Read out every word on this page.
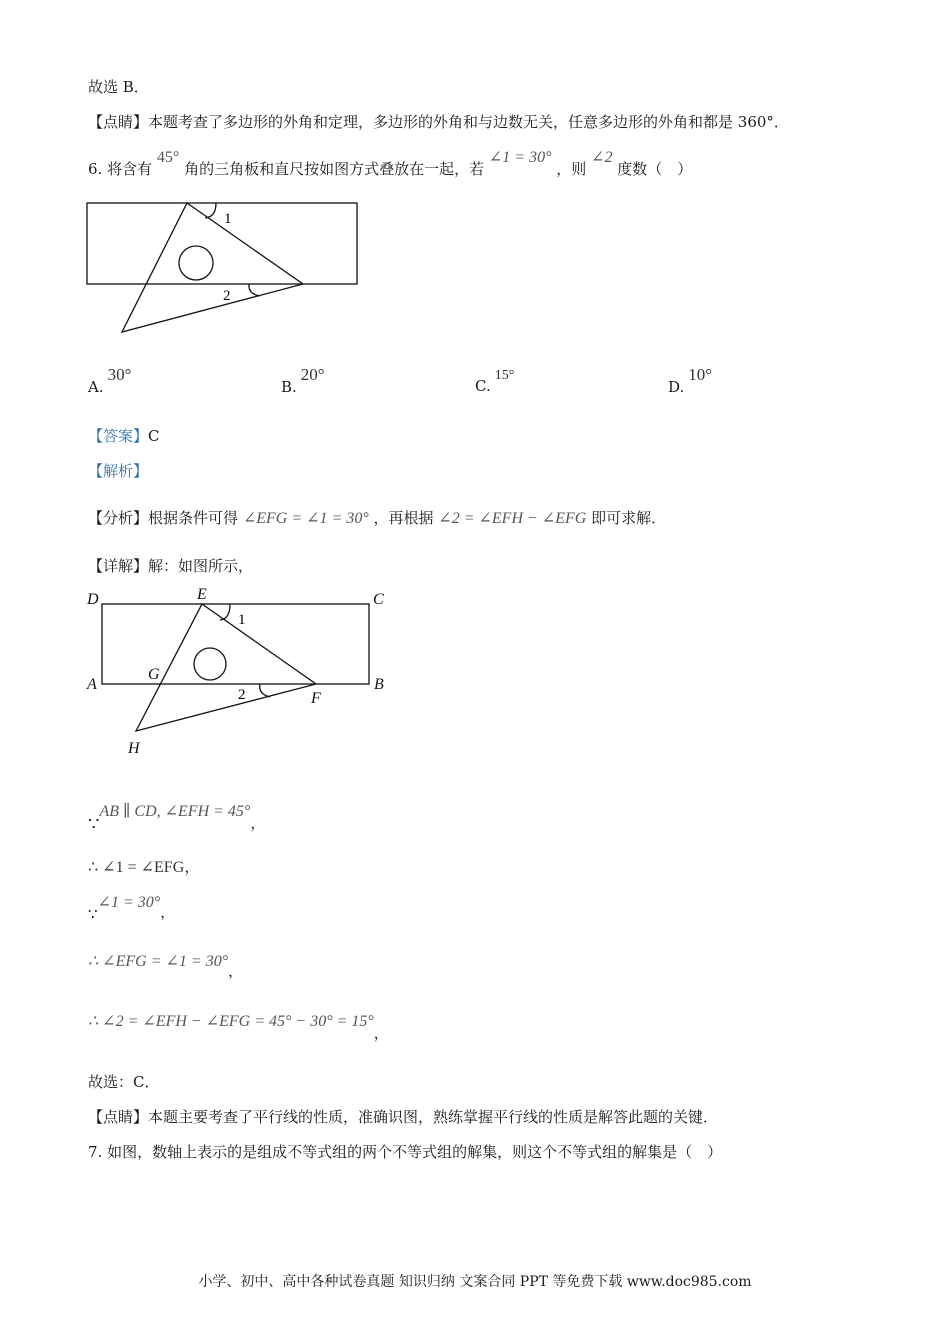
故选 B．
【点睛】本题考查了多边形的外角和定理，多边形的外角和与边数无关，任意多边形的外角和都是 360°．
6. 将含有 45° 角的三角板和直尺按如图方式叠放在一起，若 ∠1 = 30° ，则 ∠2 度数（　）
1
2
A.30°
B.20°
C.15°
D.10°
【答案】C
【解析】
【分析】根据条件可得 ∠EFG = ∠1 = 30° ，再根据 ∠2 = ∠EFH − ∠EFG 即可求解．
【详解】解：如图所示，
D	E	C
A
G
B
F
H
1
2
∵AB ∥ CD, ∠EFH = 45°，
∴ ∠1 = ∠EFG，
∵∠1 = 30°，
∴ ∠EFG = ∠1 = 30°，
∴ ∠2 = ∠EFH − ∠EFG = 45° − 30° = 15°，
故选：C．
【点睛】本题主要考查了平行线的性质，准确识图，熟练掌握平行线的性质是解答此题的关键．
7. 如图，数轴上表示的是组成不等式组的两个不等式组的解集，则这个不等式组的解集是（　）
小学、初中、高中各种试卷真题 知识归纳 文案合同 PPT 等免费下载 www.doc985.com
